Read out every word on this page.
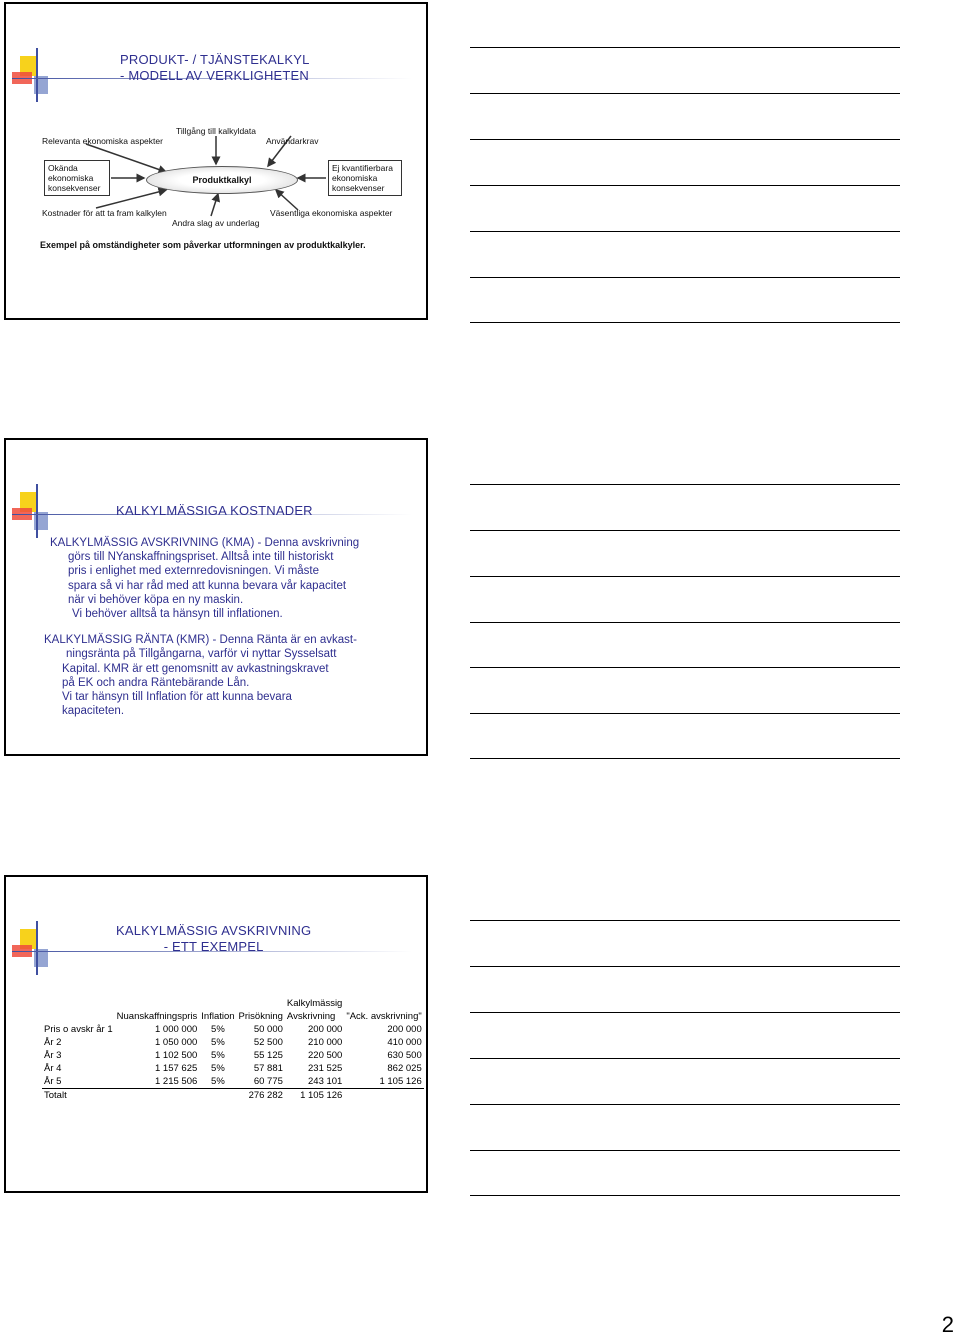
PRODUKT- / TJÄNSTEKALKYL
- MODELL AV VERKLIGHETEN
Relevanta ekonomiska aspekter
Tillgång till kalkyldata
Användarkrav
Okända ekonomiska konsekvenser
Produktkalkyl
Ej kvantifierbara ekonomiska konsekvenser
Kostnader för att ta fram kalkylen
Andra slag av underlag
Väsentliga ekonomiska aspekter
Exempel på omständigheter som påverkar utformningen av produktkalkyler.
KALKYLMÄSSIGA KOSTNADER
KALKYLMÄSSIG AVSKRIVNING (KMA) - Denna avskrivning
görs till NYanskaffningspriset. Alltså inte till historiskt
pris i enlighet med externredovisningen. Vi måste
spara så vi har råd med att kunna bevara vår kapacitet
när vi behöver köpa en ny maskin.
Vi behöver alltså ta hänsyn till inflationen.
KALKYLMÄSSIG RÄNTA (KMR) - Denna Ränta är en avkast-
ningsränta på Tillgångarna, varför vi nyttar Sysselsatt
Kapital. KMR är ett genomsnitt av avkastningskravet
på EK och andra Räntebärande Lån.
Vi tar hänsyn till Inflation för att kunna bevara
kapaciteten.
KALKYLMÄSSIG AVSKRIVNING
- ETT EXEMPEL
				Kalkylmässig	
	Nuanskaffningspris	Inflation	Prisökning	Avskrivning	"Ack. avskrivning"
Pris o avskr år 1	1 000 000	5%	50 000	200 000	200 000
År 2	1 050 000	5%	52 500	210 000	410 000
År 3	1 102 500	5%	55 125	220 500	630 500
År 4	1 157 625	5%	57 881	231 525	862 025
År 5	1 215 506	5%	60 775	243 101	1 105 126
Totalt			276 282	1 105 126	
2
